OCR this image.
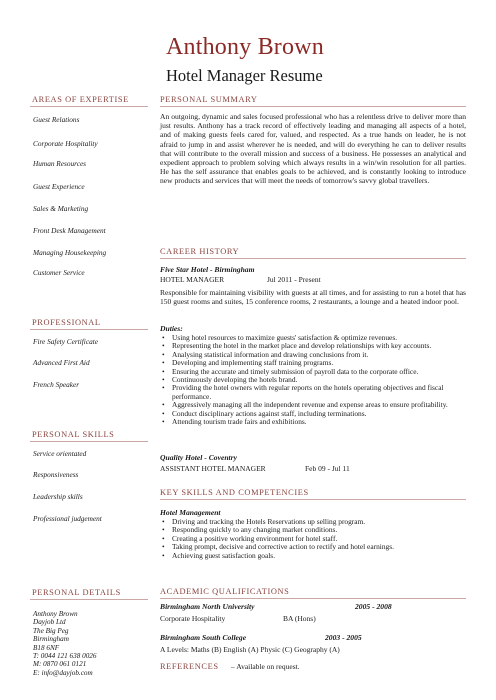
Anthony Brown
Hotel Manager Resume
AREAS OF EXPERTISE
Guest Relations
Corporate Hospitality
Human Resources
Guest Experience
Sales & Marketing
Front Desk Management
Managing Housekeeping
Customer Service
PROFESSIONAL
Fire Safety Certificate
Advanced First Aid
French Speaker
PERSONAL SKILLS
Service orientated
Responsiveness
Leadership skills
Professional judgement
PERSONAL DETAILS
Anthony Brown
Dayjob Ltd
The Big Peg
Birmingham
B18 6NF
T: 0044 121 638 0026
M: 0870 061 0121
E: info@dayjob.com
PERSONAL SUMMARY

An outgoing, dynamic and sales focused professional who has a relentless drive to deliver more than just results. Anthony has a track record of effectively leading and managing all aspects of a hotel, and of making guests feels cared for, valued, and respected. As a true hands on leader, he is not afraid to jump in and assist wherever he is needed, and will do everything he can to deliver results that will contribute to the overall mission and success of a business. He possesses an analytical and expedient approach to problem solving which always results in a win/win resolution for all parties. He has the self assurance that enables goals to be achieved, and is constantly looking to introduce new products and services that will meet the needs of tomorrow's savvy global travellers.

CAREER HISTORY
Five Star Hotel - Birmingham
HOTEL MANAGER	Jul 2011 - Present

Responsible for maintaining visibility with guests at all times, and for assisting to run a hotel that has 150 guest rooms and suites, 15 conference rooms, 2 restaurants, a lounge and a heated indoor pool.

Duties:
• Using hotel resources to maximize guests' satisfaction & optimize revenues.
• Representing the hotel in the market place and develop relationships with key accounts.
• Analysing statistical information and drawing conclusions from it.
• Developing and implementing staff training programs.
• Ensuring the accurate and timely submission of payroll data to the corporate office.
• Continuously developing the hotels brand.
• Providing the hotel owners with regular reports on the hotels operating objectives and fiscal performance.
• Aggressively managing all the independent revenue and expense areas to ensure profitability.
• Conduct disciplinary actions against staff, including terminations.
• Attending tourism trade fairs and exhibitions.
Quality Hotel - Coventry
ASSISTANT HOTEL MANAGER	Feb 09 - Jul 11
KEY SKILLS AND COMPETENCIES
Hotel Management
• Driving and tracking the Hotels Reservations up selling program.
• Responding quickly to any changing market conditions.
• Creating a positive working environment for hotel staff.
• Taking prompt, decisive and corrective action to rectify and hotel earnings.
• Achieving guest satisfaction goals.
ACADEMIC QUALIFICATIONS
Birmingham North University	2005 - 2008
Corporate Hospitality	BA (Hons)
Birmingham South College	2003 - 2005
A Levels: Maths (B) English (A) Physic (C) Geography (A)
REFERENCES – Available on request.
